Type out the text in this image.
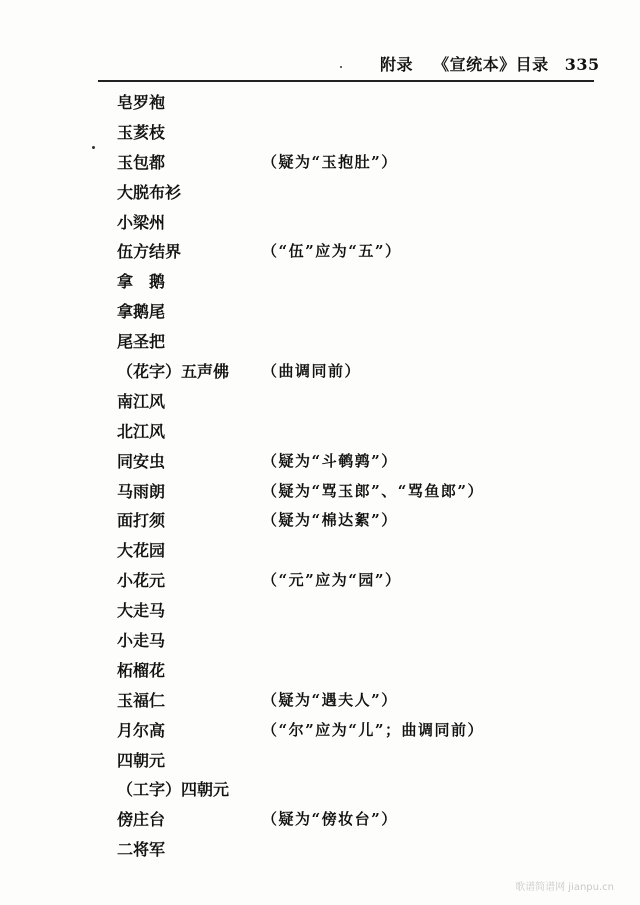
附录 《宣统本》目录 335
皂罗袍
玉荄枝
玉包都	（疑为“玉抱肚”）
大脱布衫
小梁州
伍方结界	（“伍”应为“五”）
拿　鹅
拿鹅尾
尾圣把
（花字）五声佛 （曲调同前）
南江风
北江风
同安虫	（疑为“斗鹌鹑”）
马雨朗	（疑为“骂玉郎”、“骂鱼郎”）
面打须	（疑为“棉达絮”）
大花园
小花元	（“元”应为“园”）
大走马
小走马
柘榴花
玉福仁	（疑为“遇夫人”）
月尔高	（“尔”应为“儿”；曲调同前）
四朝元
（工字）四朝元
傍庄台	（疑为“傍妆台”）
二将军
歌谱简谱网 jianpu.cn
